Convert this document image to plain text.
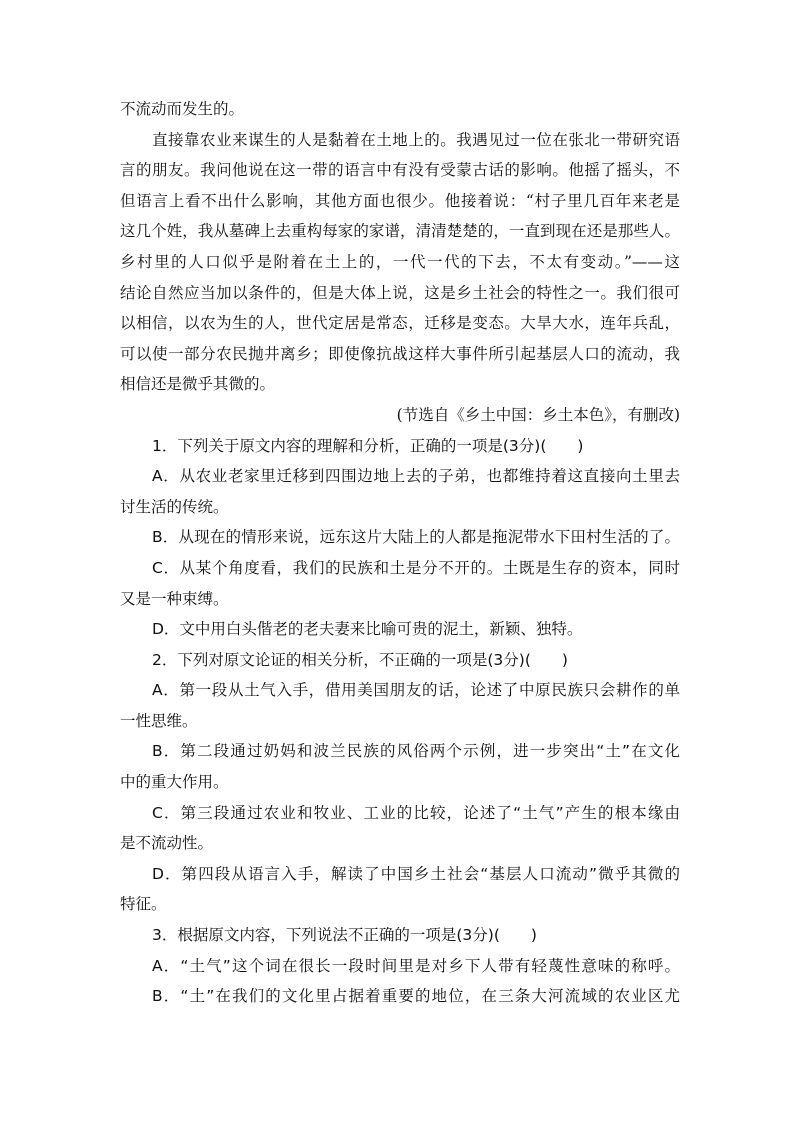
不流动而发生的。
直接靠农业来谋生的人是黏着在土地上的。我遇见过一位在张北一带研究语
言的朋友。我问他说在这一带的语言中有没有受蒙古话的影响。他摇了摇头，不
但语言上看不出什么影响，其他方面也很少。他接着说：“村子里几百年来老是
这几个姓，我从墓碑上去重构每家的家谱，清清楚楚的，一直到现在还是那些人。
乡村里的人口似乎是附着在土上的，一代一代的下去，不太有变动。”——这
结论自然应当加以条件的，但是大体上说，这是乡土社会的特性之一。我们很可
以相信，以农为生的人，世代定居是常态，迁移是变态。大旱大水，连年兵乱，
可以使一部分农民抛井离乡；即使像抗战这样大事件所引起基层人口的流动，我
相信还是微乎其微的。
(节选自《乡土中国：乡土本色》，有删改)
1．下列关于原文内容的理解和分析，正确的一项是(3分)(　　)
A．从农业老家里迁移到四围边地上去的子弟，也都维持着这直接向土里去
讨生活的传统。
B．从现在的情形来说，远东这片大陆上的人都是拖泥带水下田村生活的了。
C．从某个角度看，我们的民族和土是分不开的。土既是生存的资本，同时
又是一种束缚。
D．文中用白头偕老的老夫妻来比喻可贵的泥土，新颖、独特。
2．下列对原文论证的相关分析，不正确的一项是(3分)(　　)
A．第一段从土气入手，借用美国朋友的话，论述了中原民族只会耕作的单
一性思维。
B．第二段通过奶妈和波兰民族的风俗两个示例，进一步突出“土”在文化
中的重大作用。
C．第三段通过农业和牧业、工业的比较，论述了“土气”产生的根本缘由
是不流动性。
D．第四段从语言入手，解读了中国乡土社会“基层人口流动”微乎其微的
特征。
3．根据原文内容，下列说法不正确的一项是(3分)(　　)
A．“土气”这个词在很长一段时间里是对乡下人带有轻蔑性意味的称呼。
B．“土”在我们的文化里占据着重要的地位，在三条大河流域的农业区尤
